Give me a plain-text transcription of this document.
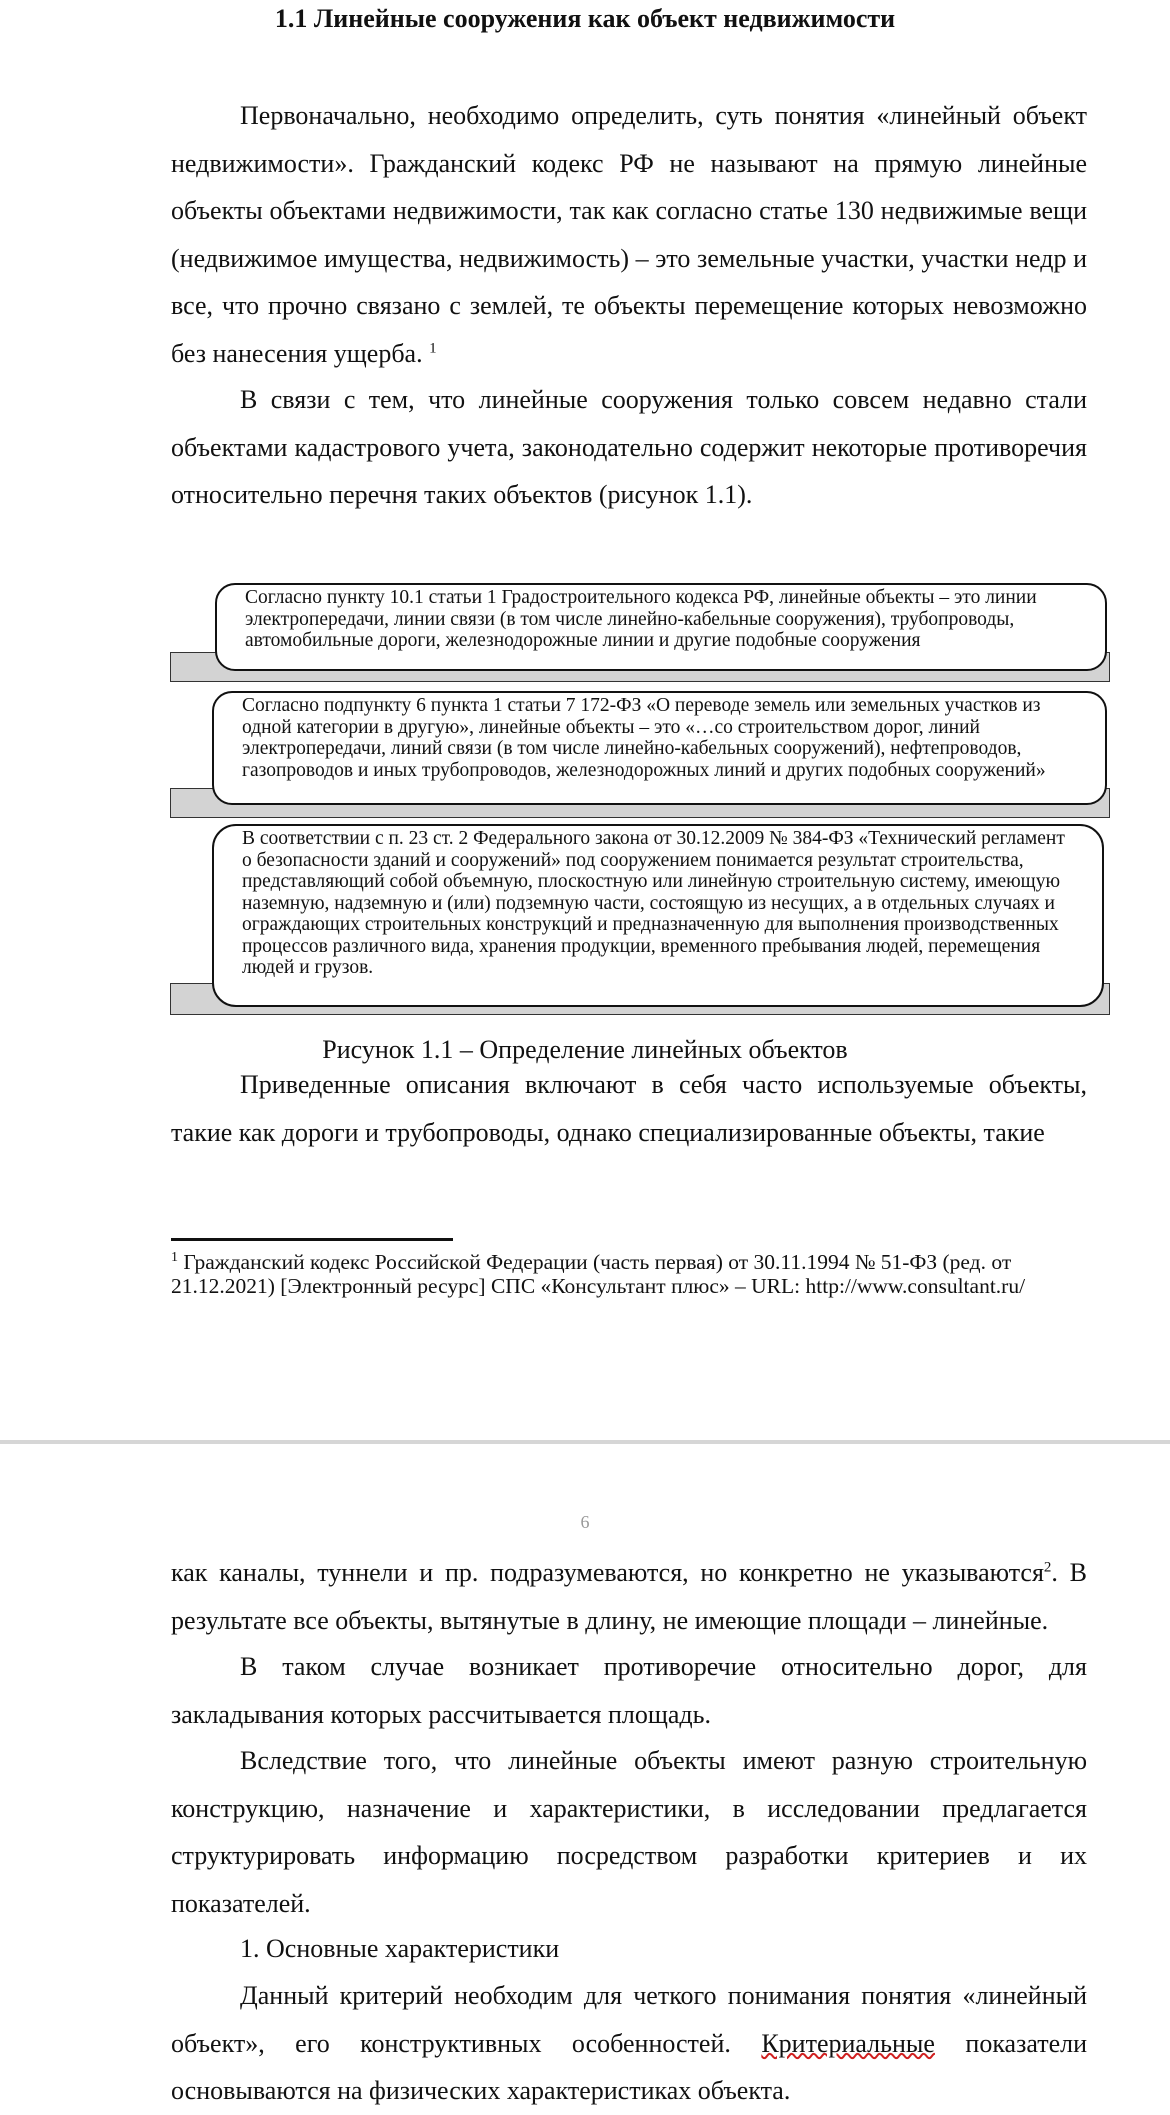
1.1 Линейные сооружения как объект недвижимости
Первоначально, необходимо определить, суть понятия «линейный объект недвижимости». Гражданский кодекс РФ не называют на прямую линейные объекты объектами недвижимости, так как согласно статье 130 недвижимые вещи (недвижимое имущества, недвижимость) – это земельные участки, участки недр и все, что прочно связано с землей, те объекты перемещение которых невозможно без нанесения ущерба. $^1$
В связи с тем, что линейные сооружения только совсем недавно стали объектами кадастрового учета, законодательно содержит некоторые противоречия относительно перечня таких объектов (рисунок 1.1).
Согласно пункту 10.1 статьи 1 Градостроительного кодекса РФ, линейные объекты – это линии электропередачи, линии связи (в том числе линейно-кабельные сооружения), трубопроводы, автомобильные дороги, железнодорожные линии и другие подобные сооружения
Согласно подпункту 6 пункта 1 статьи 7 172-ФЗ «О переводе земель или земельных участков из одной категории в другую», линейные объекты – это «…со строительством дорог, линий электропередачи, линий связи (в том числе линейно-кабельных сооружений), нефтепроводов, газопроводов и иных трубопроводов, железнодорожных линий и других подобных сооружений»
В соответствии с п. 23 ст. 2 Федерального закона от 30.12.2009 № 384-ФЗ «Технический регламент о безопасности зданий и сооружений» под сооружением понимается результат строительства, представляющий собой объемную, плоскостную или линейную строительную систему, имеющую наземную, надземную и (или) подземную части, состоящую из несущих, а в отдельных случаях и ограждающих строительных конструкций и предназначенную для выполнения производственных процессов различного вида, хранения продукции, временного пребывания людей, перемещения людей и грузов.
Рисунок 1.1 – Определение линейных объектов
Приведенные описания включают в себя часто используемые объекты, такие как дороги и трубопроводы, однако специализированные объекты, такие
$^1$ Гражданский кодекс Российской Федерации (часть первая) от 30.11.1994 № 51-ФЗ (ред. от 21.12.2021) [Электронный ресурс] СПС «Консультант плюс» – URL: http://www.consultant.ru/
6
как каналы, туннели и пр. подразумеваются, но конкретно не указываются$^2$. В результате все объекты, вытянутые в длину, не имеющие площади – линейные.
В таком случае возникает противоречие относительно дорог, для закладывания которых рассчитывается площадь.
Вследствие того, что линейные объекты имеют разную строительную конструкцию, назначение и характеристики, в исследовании предлагается структурировать информацию посредством разработки критериев и их показателей.
1. Основные характеристики
Данный критерий необходим для четкого понимания понятия «линейный объект», его конструктивных особенностей. Критериальные показатели основываются на физических характеристиках объекта.
